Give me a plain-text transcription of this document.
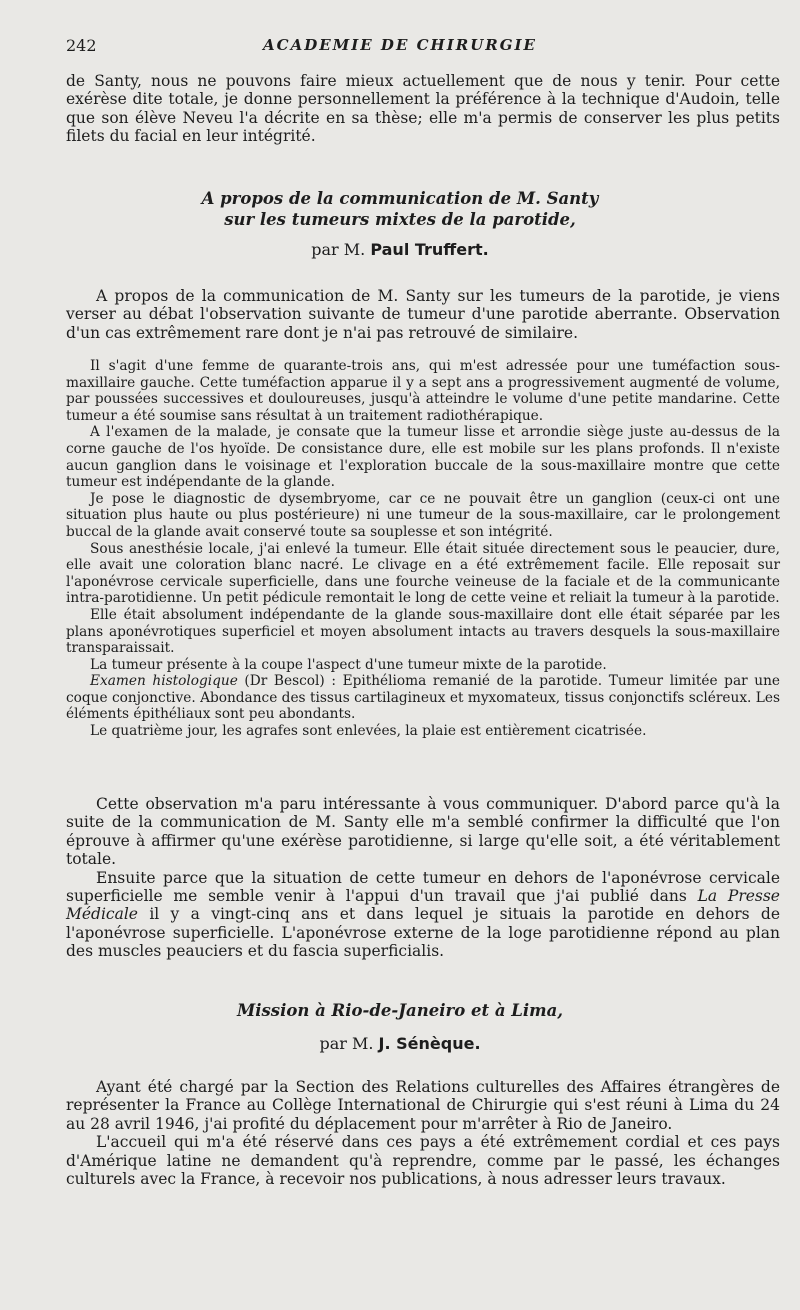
242	ACADEMIE DE CHIRURGIE

de Santy, nous ne pouvons faire mieux actuellement que de nous y tenir. Pour cette exérèse dite totale, je donne personnellement la préférence à la technique d'Audoin, telle que son élève Neveu l'a décrite en sa thèse; elle m'a permis de conserver les plus petits filets du facial en leur intégrité.

A propos de la communication de M. Santy
sur les tumeurs mixtes de la parotide,
par M. Paul Truffert.

A propos de la communication de M. Santy sur les tumeurs de la parotide, je viens verser au débat l'observation suivante de tumeur d'une parotide aberrante. Observation d'un cas extrêmement rare dont je n'ai pas retrouvé de similaire.

Il s'agit d'une femme de quarante-trois ans, qui m'est adressée pour une tuméfaction sous-maxillaire gauche. Cette tuméfaction apparue il y a sept ans a progressivement augmenté de volume, par poussées successives et douloureuses, jusqu'à atteindre le volume d'une petite mandarine. Cette tumeur a été soumise sans résultat à un traitement radiothérapique.

A l'examen de la malade, je consate que la tumeur lisse et arrondie siège juste au-dessus de la corne gauche de l'os hyoïde. De consistance dure, elle est mobile sur les plans profonds. Il n'existe aucun ganglion dans le voisinage et l'exploration buccale de la sous-maxillaire montre que cette tumeur est indépendante de la glande.

Je pose le diagnostic de dysembryome, car ce ne pouvait être un ganglion (ceux-ci ont une situation plus haute ou plus postérieure) ni une tumeur de la sous-maxillaire, car le prolongement buccal de la glande avait conservé toute sa souplesse et son intégrité.

Sous anesthésie locale, j'ai enlevé la tumeur. Elle était située directement sous le peaucier, dure, elle avait une coloration blanc nacré. Le clivage en a été extrêmement facile. Elle reposait sur l'aponévrose cervicale superficielle, dans une fourche veineuse de la faciale et de la communicante intra-parotidienne. Un petit pédicule remontait le long de cette veine et reliait la tumeur à la parotide.

Elle était absolument indépendante de la glande sous-maxillaire dont elle était séparée par les plans aponévrotiques superficiel et moyen absolument intacts au travers desquels la sous-maxillaire transparaissait.

La tumeur présente à la coupe l'aspect d'une tumeur mixte de la parotide.

Examen histologique (Dr Bescol) : Epithélioma remanié de la parotide. Tumeur limitée par une coque conjonctive. Abondance des tissus cartilagineux et myxomateux, tissus conjonctifs scléreux. Les éléments épithéliaux sont peu abondants.

Le quatrième jour, les agrafes sont enlevées, la plaie est entièrement cicatrisée.

Cette observation m'a paru intéressante à vous communiquer. D'abord parce qu'à la suite de la communication de M. Santy elle m'a semblé confirmer la difficulté que l'on éprouve à affirmer qu'une exérèse parotidienne, si large qu'elle soit, a été véritablement totale.

Ensuite parce que la situation de cette tumeur en dehors de l'aponévrose cervicale superficielle me semble venir à l'appui d'un travail que j'ai publié dans La Presse Médicale il y a vingt-cinq ans et dans lequel je situais la parotide en dehors de l'aponévrose superficielle. L'aponévrose externe de la loge parotidienne répond au plan des muscles peauciers et du fascia superficialis.

Mission à Rio-de-Janeiro et à Lima,
par M. J. Sénèque.

Ayant été chargé par la Section des Relations culturelles des Affaires étrangères de représenter la France au Collège International de Chirurgie qui s'est réuni à Lima du 24 au 28 avril 1946, j'ai profité du déplacement pour m'arrêter à Rio de Janeiro.

L'accueil qui m'a été réservé dans ces pays a été extrêmement cordial et ces pays d'Amérique latine ne demandent qu'à reprendre, comme par le passé, les échanges culturels avec la France, à recevoir nos publications, à nous adresser leurs travaux.
